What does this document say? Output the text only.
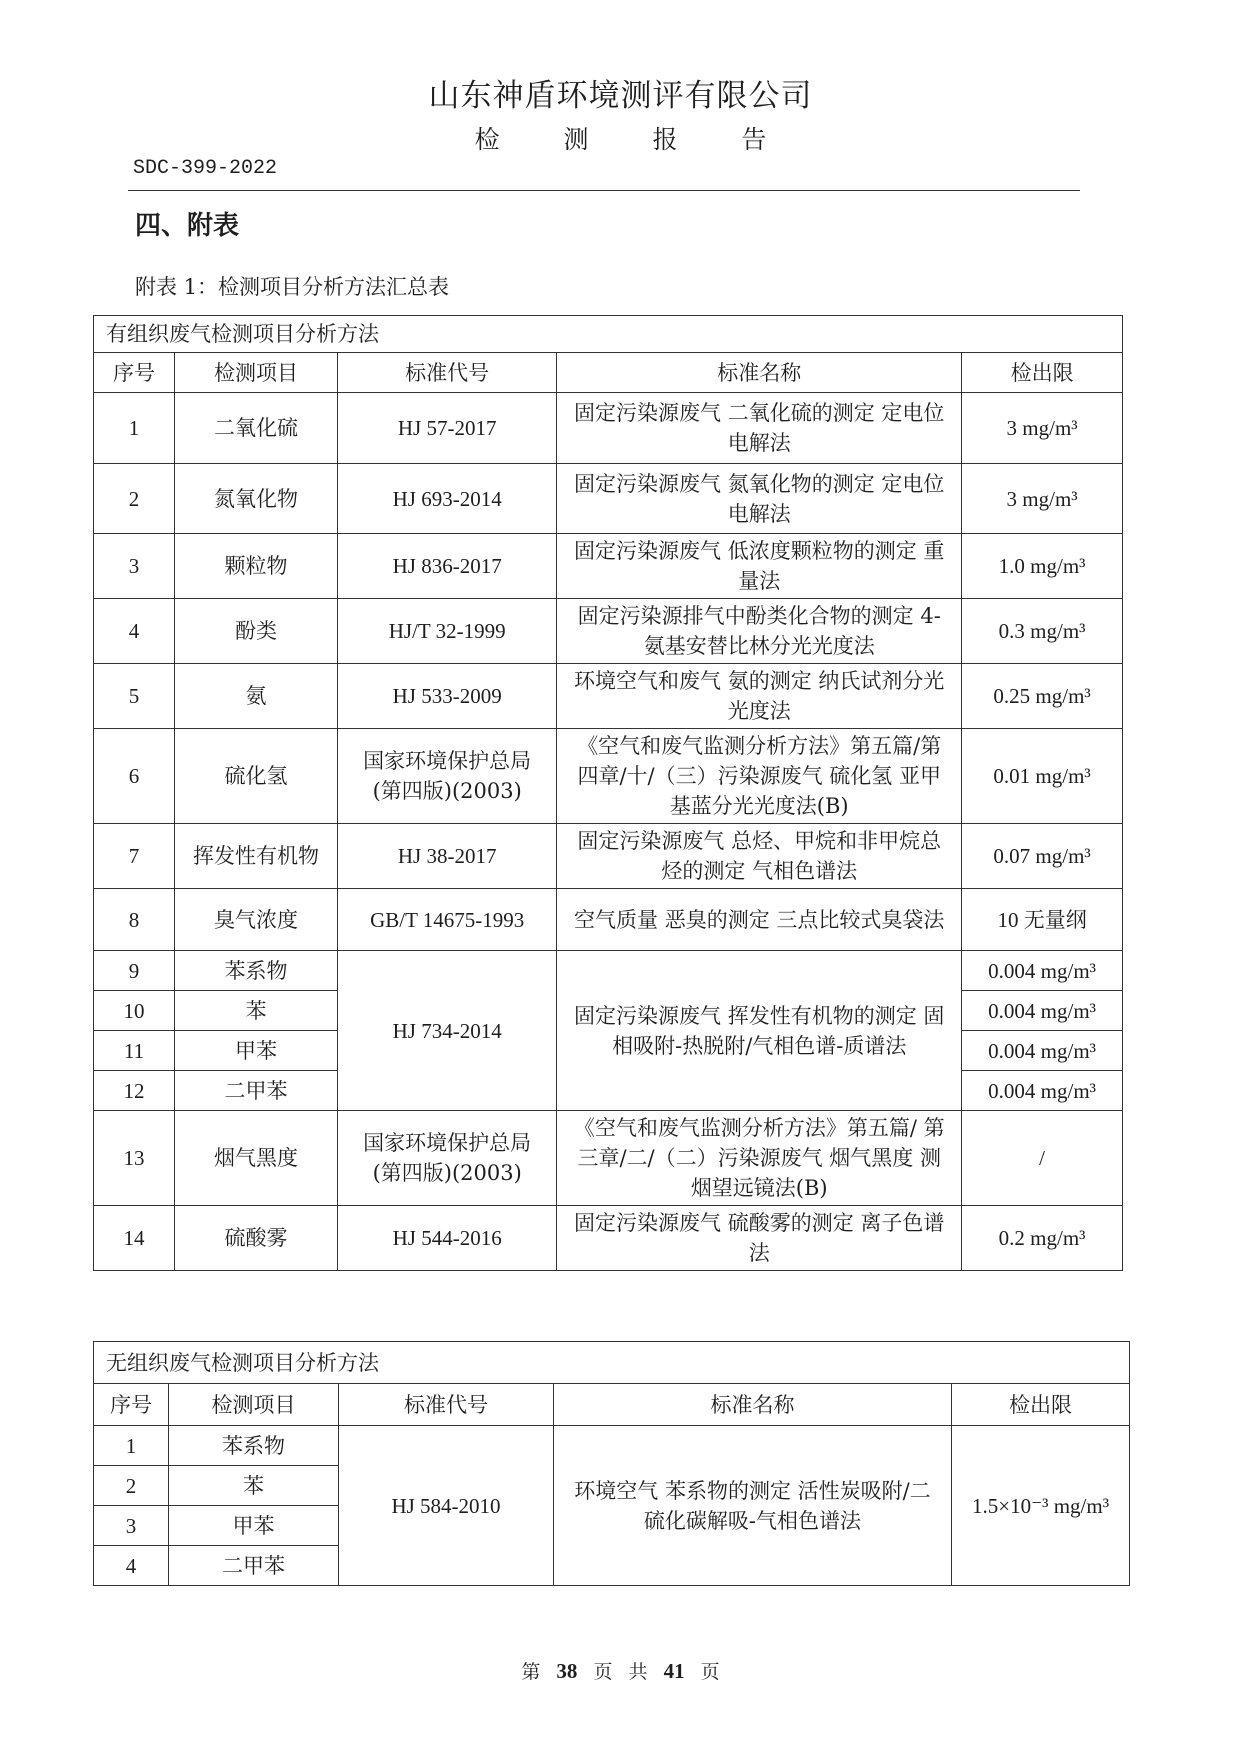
山东神盾环境测评有限公司
检 测 报 告
SDC-399-2022
四、附表
附表 1：检测项目分析方法汇总表
有组织废气检测项目分析方法				
序号	检测项目	标准代号	标准名称	检出限
1	二氧化硫	HJ 57-2017	固定污染源废气 二氧化硫的测定 定电位电解法	3 mg/m³
2	氮氧化物	HJ 693-2014	固定污染源废气 氮氧化物的测定 定电位电解法	3 mg/m³
3	颗粒物	HJ 836-2017	固定污染源废气 低浓度颗粒物的测定 重量法	1.0 mg/m³
4	酚类	HJ/T 32-1999	固定污染源排气中酚类化合物的测定 4-氨基安替比林分光光度法	0.3 mg/m³
5	氨	HJ 533-2009	环境空气和废气 氨的测定 纳氏试剂分光光度法	0.25 mg/m³
6	硫化氢	国家环境保护总局 (第四版)(2003)	《空气和废气监测分析方法》第五篇/第四章/十/（三）污染源废气 硫化氢 亚甲基蓝分光光度法(B)	0.01 mg/m³
7	挥发性有机物	HJ 38-2017	固定污染源废气 总烃、甲烷和非甲烷总烃的测定 气相色谱法	0.07 mg/m³
8	臭气浓度	GB/T 14675-1993	空气质量 恶臭的测定 三点比较式臭袋法	10 无量纲
9	苯系物	HJ 734-2014	固定污染源废气 挥发性有机物的测定 固相吸附-热脱附/气相色谱-质谱法	0.004 mg/m³
10	苯			0.004 mg/m³
11	甲苯			0.004 mg/m³
12	二甲苯			0.004 mg/m³
13	烟气黑度	国家环境保护总局 (第四版)(2003)	《空气和废气监测分析方法》第五篇/ 第三章/二/（二）污染源废气 烟气黑度 测烟望远镜法(B)	/
14	硫酸雾	HJ 544-2016	固定污染源废气 硫酸雾的测定 离子色谱法	0.2 mg/m³
无组织废气检测项目分析方法				
序号	检测项目	标准代号	标准名称	检出限
1	苯系物	HJ 584-2010	环境空气 苯系物的测定 活性炭吸附/二硫化碳解吸-气相色谱法	1.5×10⁻³ mg/m³
2	苯			
3	甲苯			
4	二甲苯			
第 38 页 共 41 页
